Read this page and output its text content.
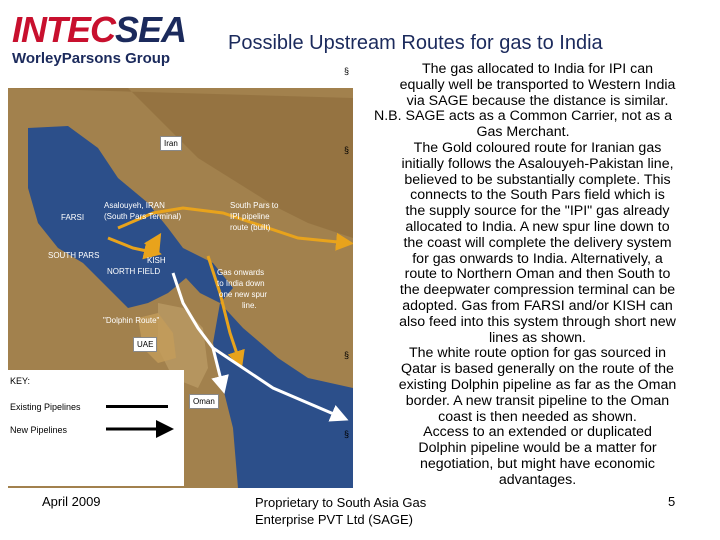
INTECSEA
WorleyParsons Group
Possible Upstream Routes for gas to India
Iran
FARSI
Asalouyeh, IRAN
(South Pars Terminal)
South Pars to
IPI pipeline
route (built)
SOUTH PARS
KISH
NORTH FIELD	Gas onwards
to India down
one new spur
line.
"Dolphin Route"
UAE
Oman
KEY:
Existing Pipelines
New Pipelines
§	The gas allocated to India for IPI can
equally well be transported to Western India
via SAGE because the distance is similar.
N.B. SAGE acts as a Common Carrier, not as a
Gas Merchant.
§	The Gold coloured route for Iranian gas
initially follows the Asalouyeh-Pakistan line,
believed to be substantially complete. This
connects to the South Pars field which is
the supply source for the "IPI" gas already
allocated to India. A new spur line down to
the coast will complete the delivery system
for gas onwards to India. Alternatively, a
route to Northern Oman and then South to
the deepwater compression terminal can be
adopted. Gas from FARSI and/or KISH can
also feed into this system through short new
lines as shown.
§	The white route option for gas sourced in
Qatar is based generally on the route of the
existing Dolphin pipeline as far as the Oman
border. A new transit pipeline to the Oman
coast is then needed as shown.
§	Access to an extended or duplicated
Dolphin pipeline would be a matter for
negotiation, but might have economic
advantages.
April 2009	Proprietary to South Asia Gas
Enterprise PVT Ltd (SAGE)
5
